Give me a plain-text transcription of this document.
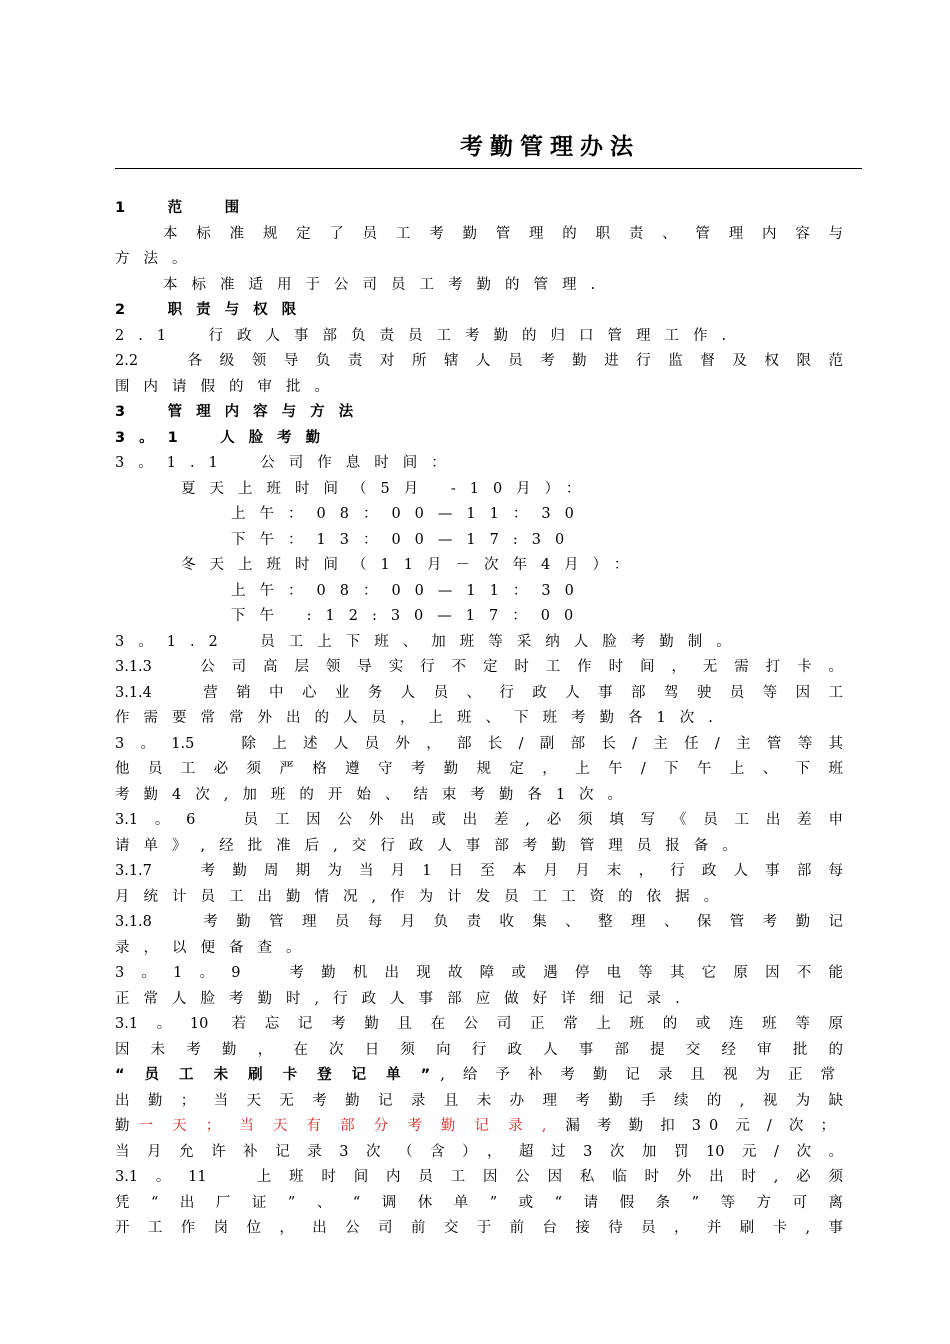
考勤管理办法
1　范　围
本标准规定了员工考勤管理的职责、管理内容与
方法。
本标准适用于公司员工考勤的管理.
2　职责与权限
2.1　行政人事部负责员工考勤的归口管理工作.
2.2　各级领导负责对所辖人员考勤进行监督及权限范
围内请假的审批。
3　管理内容与方法
3。1　人脸考勤
3。1.1　公司作息时间：
夏天上班时间（5月 -10月）：
上午：08：00—11：30
下午：13：00—17:30
冬天上班时间（11月－次年4月）：
上午：08：00—11：30
下午 :12:30—17：00
3。1.2　员工上下班、加班等采纳人脸考勤制。
3.1.3　公司高层领导实行不定时工作时间，无需打卡。
3.1.4　营销中心业务人员、行政人事部驾驶员等因工
作需要常常外出的人员，上班、下班考勤各1次.
3。1.5　除上述人员外，部长/副部长/主任/主管等其
他员工必须严格遵守考勤规定，上午/下午上、下班
考勤4次,加班的开始、结束考勤各1次。
3.1。6　员工因公外出或出差,必须填写《员工出差申
请单》,经批准后,交行政人事部考勤管理员报备。
3.1.7　考勤周期为当月1日至本月月末，行政人事部每
月统计员工出勤情况,作为计发员工工资的依据。
3.1.8　考勤管理员每月负责收集、整理、保管考勤记
录，以便备查。
3。1。9　考勤机出现故障或遇停电等其它原因不能
正常人脸考勤时,行政人事部应做好详细记录.
3.1。10 若忘记考勤且在公司正常上班的或连班等原
因未考勤，在次日须向行政人事部提交经审批的
“员工未刷卡登记单”,给予补考勤记录且视为正常
出勤；当天无考勤记录且未办理考勤手续的,视为缺
勤一天；当天有部分考勤记录,漏考勤扣30元/次；
当月允许补记录3次（含），超过3次加罚10元/次。
3.1。11　上班时间内员工因公因私临时外出时,必须
凭“出厂证”、“调休单”或“请假条”等方可离
开工作岗位，出公司前交于前台接待员，并刷卡,事
